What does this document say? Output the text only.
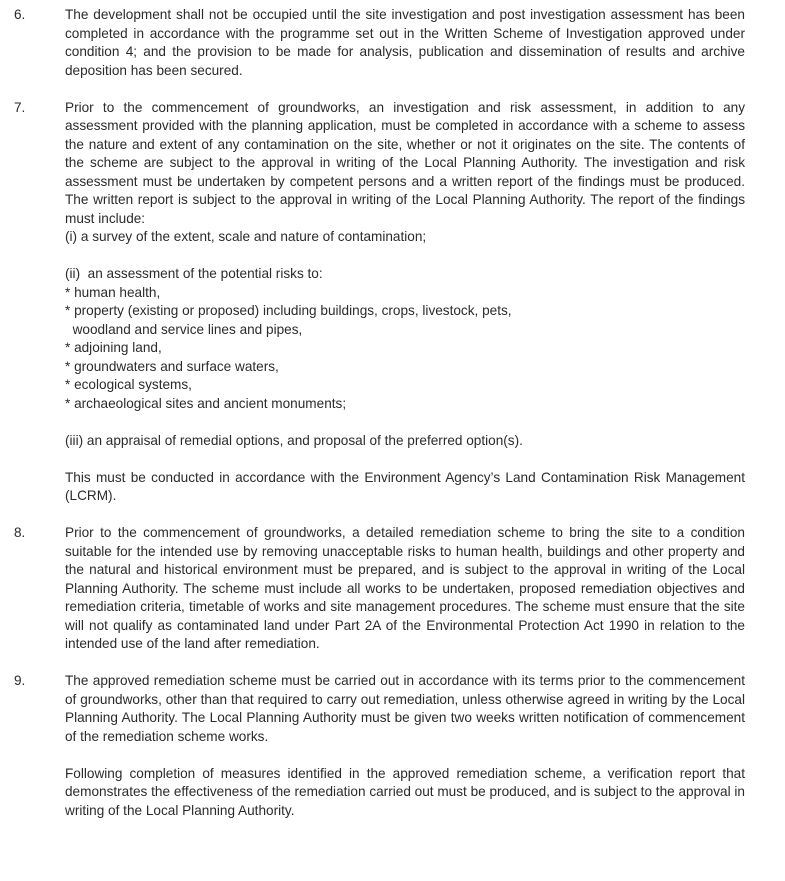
6.	The development shall not be occupied until the site investigation and post investigation assessment has been completed in accordance with the programme set out in the Written Scheme of Investigation approved under condition 4; and the provision to be made for analysis, publication and dissemination of results and archive deposition has been secured.

7.	Prior to the commencement of groundworks, an investigation and risk assessment, in addition to any assessment provided with the planning application, must be completed in accordance with a scheme to assess the nature and extent of any contamination on the site, whether or not it originates on the site. The contents of the scheme are subject to the approval in writing of the Local Planning Authority. The investigation and risk assessment must be undertaken by competent persons and a written report of the findings must be produced. The written report is subject to the approval in writing of the Local Planning Authority. The report of the findings must include:

(i) a survey of the extent, scale and nature of contamination;
(ii)  an assessment of the potential risks to:
* human health,
* property (existing or proposed) including buildings, crops, livestock, pets,
woodland and service lines and pipes,
* adjoining land,
* groundwaters and surface waters,
* ecological systems,
* archaeological sites and ancient monuments;
(iii) an appraisal of remedial options, and proposal of the preferred option(s).

This must be conducted in accordance with the Environment Agency’s Land Contamination Risk Management (LCRM).

8.	Prior to the commencement of groundworks, a detailed remediation scheme to bring the site to a condition suitable for the intended use by removing unacceptable risks to human health, buildings and other property and the natural and historical environment must be prepared, and is subject to the approval in writing of the Local Planning Authority. The scheme must include all works to be undertaken, proposed remediation objectives and remediation criteria, timetable of works and site management procedures. The scheme must ensure that the site will not qualify as contaminated land under Part 2A of the Environmental Protection Act 1990 in relation to the intended use of the land after remediation.

9.	The approved remediation scheme must be carried out in accordance with its terms prior to the commencement of groundworks, other than that required to carry out remediation, unless otherwise agreed in writing by the Local Planning Authority. The Local Planning Authority must be given two weeks written notification of commencement of the remediation scheme works.

Following completion of measures identified in the approved remediation scheme, a verification report that demonstrates the effectiveness of the remediation carried out must be produced, and is subject to the approval in writing of the Local Planning Authority.
